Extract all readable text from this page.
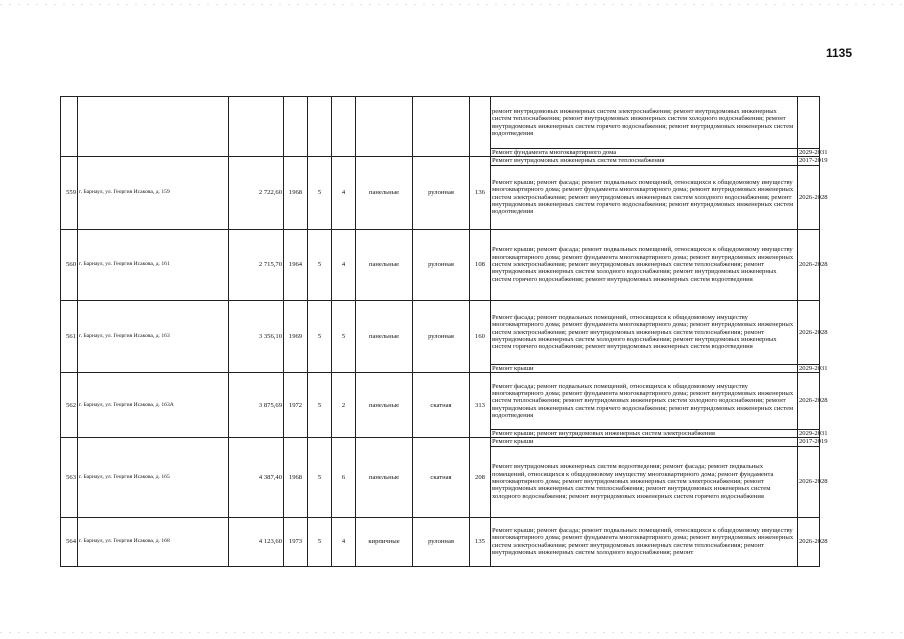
1135
									ремонт внутридомовых инженерных систем электроснабжения; ремонт внутридомовых инженерных систем теплоснабжения; ремонт внутридомовых инженерных систем холодного водоснабжения; ремонт внутридомовых инженерных систем горячего водоснабжения; ремонт внутридомовых инженерных систем водоотведения	
									Ремонт фундамента многоквартирного дома	2029-2031
559	г. Барнаул, ул. Георгия Исакова, д. 159	2 722,60	1968	5	4	панельные	рулонная	136	Ремонт внутридомовых инженерных систем теплоснабжения	2017-2019
									Ремонт крыши; ремонт фасада; ремонт подвальных помещений, относящихся к общедомовому имуществу многоквартирного дома; ремонт фундамента многоквартирного дома; ремонт внутридомовых инженерных систем электроснабжения; ремонт внутридомовых инженерных систем холодного водоснабжения; ремонт внутридомовых инженерных систем горячего водоснабжения; ремонт внутридомовых инженерных систем водоотведения	2026-2028
560	г. Барнаул, ул. Георгия Исакова, д. 161	2 715,70	1964	5	4	панельные	рулонная	108	Ремонт крыши; ремонт фасада; ремонт подвальных помещений, относящихся к общедомовому имуществу многоквартирного дома; ремонт фундамента многоквартирного дома; ремонт внутридомовых инженерных систем электроснабжения; ремонт внутридомовых инженерных систем теплоснабжения; ремонт внутридомовых инженерных систем холодного водоснабжения; ремонт внутридомовых инженерных систем горячего водоснабжения; ремонт внутридомовых инженерных систем водоотведения	2026-2028
561	г. Барнаул, ул. Георгия Исакова, д. 163	3 356,10	1969	5	5	панельные	рулонная	160	Ремонт фасада; ремонт подвальных помещений, относящихся к общедомовому имуществу многоквартирного дома; ремонт фундамента многоквартирного дома; ремонт внутридомовых инженерных систем электроснабжения; ремонт внутридомовых инженерных систем теплоснабжения; ремонт внутридомовых инженерных систем холодного водоснабжения; ремонт внутридомовых инженерных систем горячего водоснабжения; ремонт внутридомовых инженерных систем водоотведения	2026-2028
									Ремонт крыши	2029-2031
562	г. Барнаул, ул. Георгия Исакова, д. 163А	3 875,69	1972	5	2	панельные	скатная	313	Ремонт фасада; ремонт подвальных помещений, относящихся к общедомовому имуществу многоквартирного дома; ремонт фундамента многоквартирного дома; ремонт внутридомовых инженерных систем теплоснабжения; ремонт внутридомовых инженерных систем холодного водоснабжения; ремонт внутридомовых инженерных систем горячего водоснабжения; ремонт внутридомовых инженерных систем водоотведения	2026-2028
									Ремонт крыши; ремонт внутридомовых инженерных систем электроснабжения	2029-2031
563	г. Барнаул, ул. Георгия Исакова, д. 165	4 387,40	1968	5	6	панельные	скатная	208	Ремонт крыши	2017-2019
									Ремонт внутридомовых инженерных систем водоотведения; ремонт фасада; ремонт подвальных помещений, относящихся к общедомовому имуществу многоквартирного дома; ремонт фундамента многоквартирного дома; ремонт внутридомовых инженерных систем электроснабжения; ремонт внутридомовых инженерных систем теплоснабжения; ремонт внутридомовых инженерных систем холодного водоснабжения; ремонт внутридомовых инженерных систем горячего водоснабжения	2026-2028
564	г. Барнаул, ул. Георгия Исакова, д. 168	4 123,60	1973	5	4	кирпичные	рулонная	135	Ремонт крыши; ремонт фасада; ремонт подвальных помещений, относящихся к общедомовому имуществу многоквартирного дома; ремонт фундамента многоквартирного дома; ремонт внутридомовых инженерных систем электроснабжения; ремонт внутридомовых инженерных систем теплоснабжения; ремонт внутридомовых инженерных систем холодного водоснабжения; ремонт	2026-2028
